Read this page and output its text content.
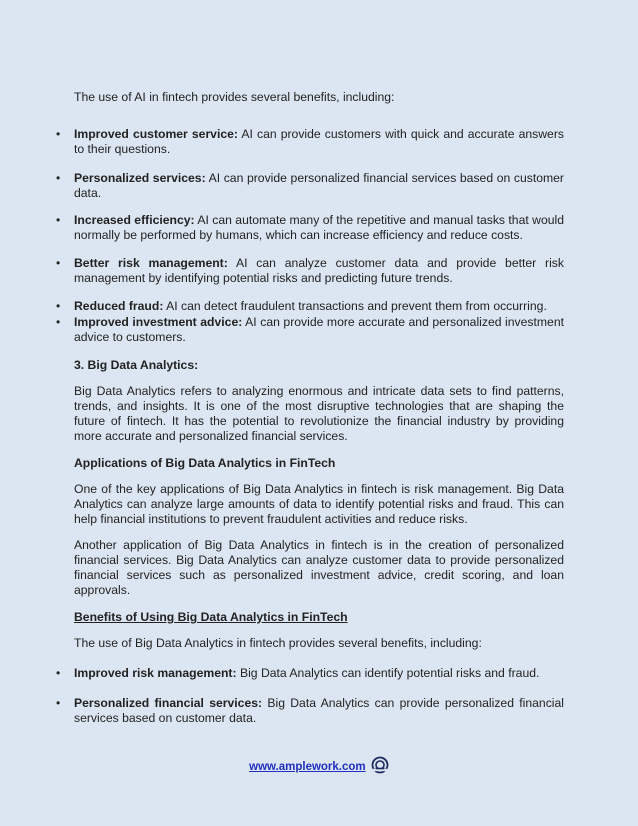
The use of AI in fintech provides several benefits, including:

• Improved customer service: AI can provide customers with quick and accurate answers to their questions.
• Personalized services: AI can provide personalized financial services based on customer data.
• Increased efficiency: AI can automate many of the repetitive and manual tasks that would normally be performed by humans, which can increase efficiency and reduce costs.
• Better risk management: AI can analyze customer data and provide better risk management by identifying potential risks and predicting future trends.
• Reduced fraud: AI can detect fraudulent transactions and prevent them from occurring.
• Improved investment advice: AI can provide more accurate and personalized investment advice to customers.

3. Big Data Analytics:

Big Data Analytics refers to analyzing enormous and intricate data sets to find patterns, trends, and insights. It is one of the most disruptive technologies that are shaping the future of fintech. It has the potential to revolutionize the financial industry by providing more accurate and personalized financial services.

Applications of Big Data Analytics in FinTech

One of the key applications of Big Data Analytics in fintech is risk management. Big Data Analytics can analyze large amounts of data to identify potential risks and fraud. This can help financial institutions to prevent fraudulent activities and reduce risks.

Another application of Big Data Analytics in fintech is in the creation of personalized financial services. Big Data Analytics can analyze customer data to provide personalized financial services such as personalized investment advice, credit scoring, and loan approvals.

Benefits of Using Big Data Analytics in FinTech

The use of Big Data Analytics in fintech provides several benefits, including:

• Improved risk management: Big Data Analytics can identify potential risks and fraud.
• Personalized financial services: Big Data Analytics can provide personalized financial services based on customer data.
www.amplework.com
